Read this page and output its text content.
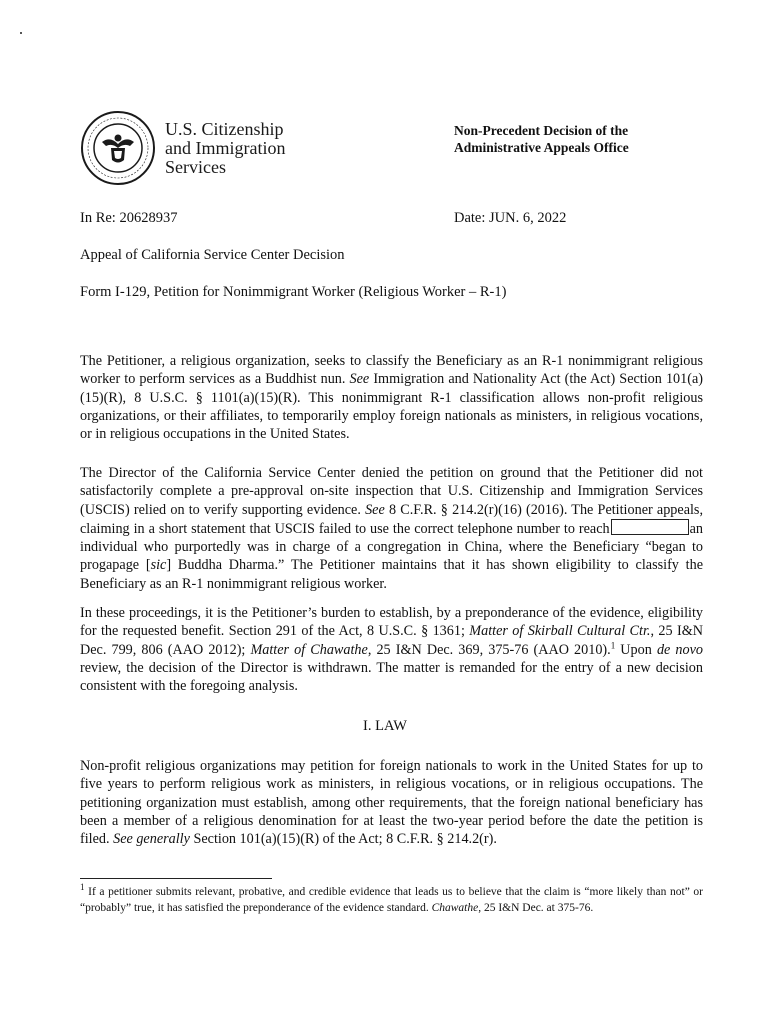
U.S. Citizenship
and Immigration
Services
Non-Precedent Decision of the
Administrative Appeals Office
In Re: 20628937	Date: JUN. 6, 2022
Appeal of California Service Center Decision
Form I-129, Petition for Nonimmigrant Worker (Religious Worker – R-1)
The Petitioner, a religious organization, seeks to classify the Beneficiary as an R-1 nonimmigrant religious worker to perform services as a Buddhist nun. See Immigration and Nationality Act (the Act) Section 101(a)(15)(R), 8 U.S.C. § 1101(a)(15)(R). This nonimmigrant R-1 classification allows non-profit religious organizations, or their affiliates, to temporarily employ foreign nationals as ministers, in religious vocations, or in religious occupations in the United States.
The Director of the California Service Center denied the petition on ground that the Petitioner did not satisfactorily complete a pre-approval on-site inspection that U.S. Citizenship and Immigration Services (USCIS) relied on to verify supporting evidence. See 8 C.F.R. § 214.2(r)(16) (2016). The Petitioner appeals, claiming in a short statement that USCIS failed to use the correct telephone number to reach	an individual who purportedly was in charge of a congregation in China, where the Beneficiary “began to progapage [sic] Buddha Dharma.” The Petitioner maintains that it has shown eligibility to classify the Beneficiary as an R-1 nonimmigrant religious worker.
In these proceedings, it is the Petitioner’s burden to establish, by a preponderance of the evidence, eligibility for the requested benefit. Section 291 of the Act, 8 U.S.C. § 1361; Matter of Skirball Cultural Ctr., 25 I&N Dec. 799, 806 (AAO 2012); Matter of Chawathe, 25 I&N Dec. 369, 375-76 (AAO 2010).$^1$ Upon de novo review, the decision of the Director is withdrawn. The matter is remanded for the entry of a new decision consistent with the foregoing analysis.
I. LAW
Non-profit religious organizations may petition for foreign nationals to work in the United States for up to five years to perform religious work as ministers, in religious vocations, or in religious occupations. The petitioning organization must establish, among other requirements, that the foreign national beneficiary has been a member of a religious denomination for at least the two-year period before the date the petition is filed. See generally Section 101(a)(15)(R) of the Act; 8 C.F.R. § 214.2(r).
$^1$ If a petitioner submits relevant, probative, and credible evidence that leads us to believe that the claim is “more likely than not” or “probably” true, it has satisfied the preponderance of the evidence standard. Chawathe, 25 I&N Dec. at 375-76.
